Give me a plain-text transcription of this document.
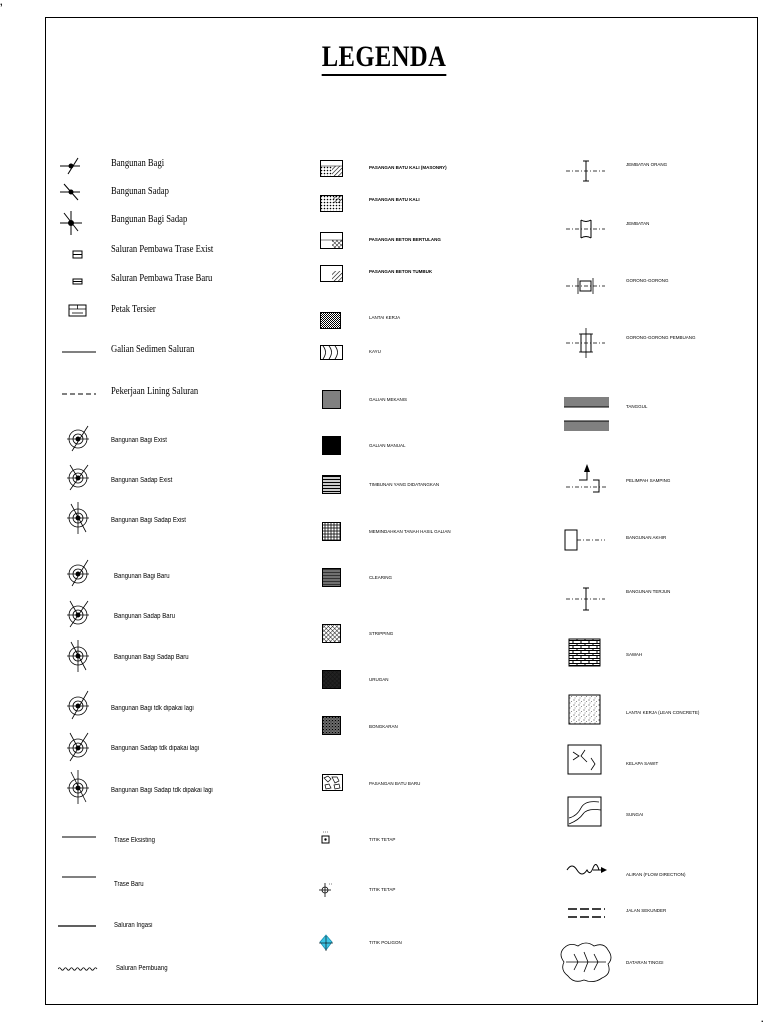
LEGENDA
,
Bangunan Bagi
Bangunan Sadap
Bangunan Bagi Sadap
Saluran Pembawa Trase Exist
Saluran Pembawa Trase Baru
Petak Tersier
Galian Sedimen Saluran
Pekerjaan Lining Saluran
Bangunan Bagi Exist
Bangunan Sadap Exist
Bangunan Bagi Sadap Exist
Bangunan Bagi Baru
Bangunan Sadap Baru
Bangunan Bagi Sadap Baru
Bangunan Bagi tdk dipakai lagi
Bangunan Sadap tdk dipakai lagi
Bangunan Bagi Sadap tdk dipakai lagi
Trase Eksisting
Trase Baru
Saluran Irigasi
Saluran Pembuang
PASANGAN BATU KALI (MASONRY)
PASANGAN BATU KALI
PASANGAN BETON BERTULANG
PASANGAN BETON TUMBUK
LANTAI KERJA
KAYU
GALIAN MEKANIS
GALIAN MANUAL
TIMBUNAN YANG DIDATANGKAN
MEMINDAHKAN TANAH HASIL GALIAN
CLEARING
STRIPPING
URUGAN
BONGKARAN
PASANGAN BATU BARU
TITIK TETAP
TITIK TETAP
TITIK POLIGON
JEMBATAN ORANG
JEMBATAN
GORONG-GORONG
GORONG-GORONG PEMBUANG
TANGGUL
PELIMPAH SAMPING
BANGUNAN AKHIR
BANGUNAN TERJUN
SAWAH
LANTAI KERJA (LEAN CONCRETE)
KELAPA SAWIT
SUNGAI
ALIRAN (FLOW DIRECTION)
JALAN SEKUNDER
DATARAN TINGGI
.
